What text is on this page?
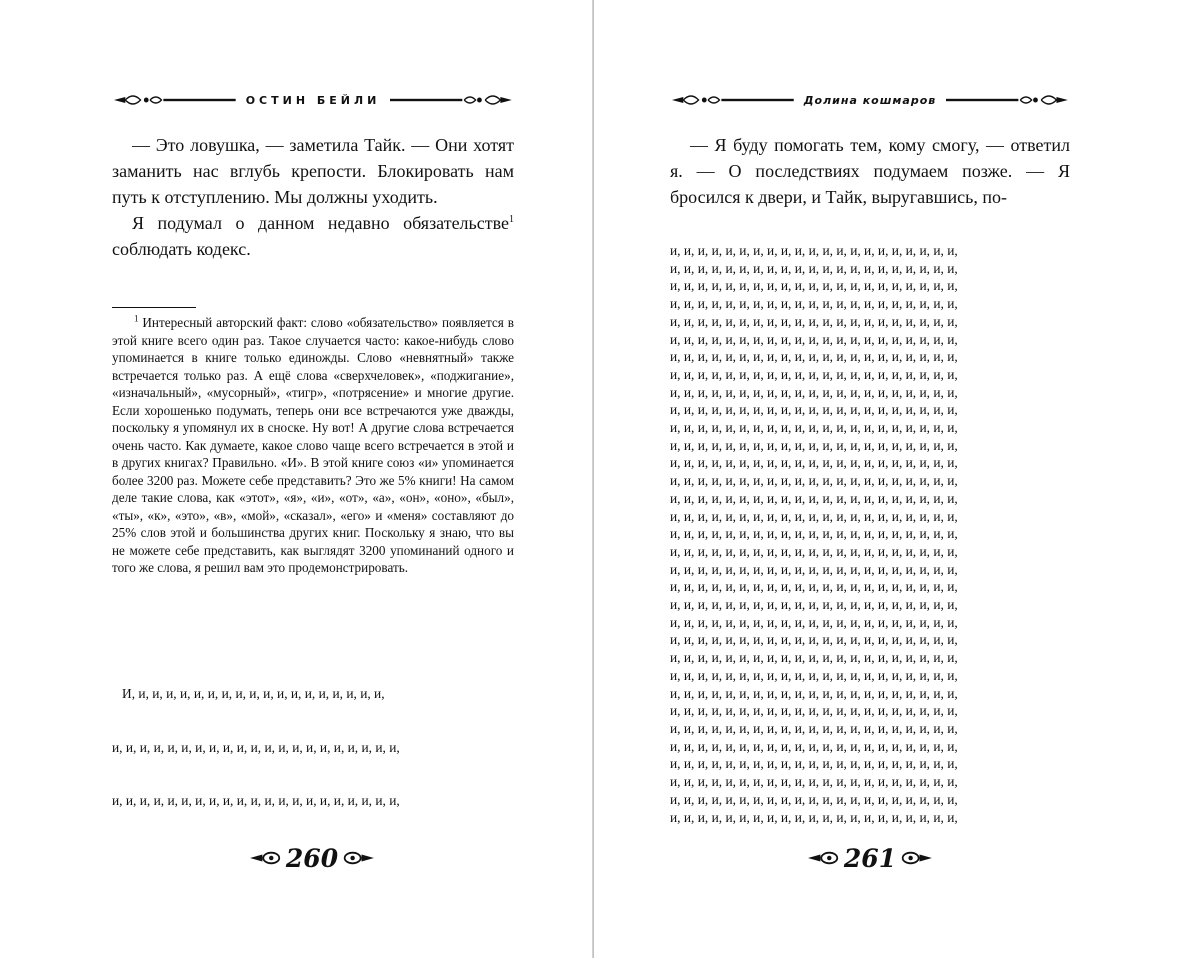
ОСТИН БЕЙЛИ

— Это ловушка, — заметила Тайк. — Они хотят заманить нас вглубь крепости. Блокировать нам путь к отступлению. Мы должны уходить.

Я подумал о данном недавно обязательстве$^1$ соблюдать кодекс.

$^1$ Интересный авторский факт: слово «обязательство» появляется в этой книге всего один раз. Такое случается часто: какое-нибудь слово упоминается в книге только единожды. Слово «невнятный» также встречается только раз. А ещё слова «сверхчеловек», «поджигание», «изначальный», «мусорный», «тигр», «потрясение» и многие другие. Если хорошенько подумать, теперь они все встречаются уже дважды, поскольку я упомянул их в сноске. Ну вот! А другие слова встречается очень часто. Как думаете, какое слово чаще всего встречается в этой и в других книгах? Правильно. «И». В этой книге союз «и» упоминается более 3200 раз. Можете себе представить? Это же 5% книги! На самом деле такие слова, как «этот», «я», «и», «от», «а», «он», «оно», «был», «ты», «к», «это», «в», «мой», «сказал», «его» и «меня» составляют до 25% слов этой и большинства других книг. Поскольку я знаю, что вы не можете себе представить, как выглядят 3200 упоминаний одного и того же слова, я решил вам это продемонстрировать.

И, и, и, и, и, и, и, и, и, и, и, и, и, и, и, и, и, и, и,

и, и, и, и, и, и, и, и, и, и, и, и, и, и, и, и, и, и, и, и, и,

и, и, и, и, и, и, и, и, и, и, и, и, и, и, и, и, и, и, и, и, и,

260
Долина кошмаров

— Я буду помогать тем, кому смогу, — ответил я. — О последствиях подумаем позже. — Я бросился к двери, и Тайк, выругавшись, по-

и, и, и, и, и, и, и, и, и, и, и, и, и, и, и, и, и, и, и, и, и,
и, и, и, и, и, и, и, и, и, и, и, и, и, и, и, и, и, и, и, и, и,
и, и, и, и, и, и, и, и, и, и, и, и, и, и, и, и, и, и, и, и, и,
и, и, и, и, и, и, и, и, и, и, и, и, и, и, и, и, и, и, и, и, и,
и, и, и, и, и, и, и, и, и, и, и, и, и, и, и, и, и, и, и, и, и,
и, и, и, и, и, и, и, и, и, и, и, и, и, и, и, и, и, и, и, и, и,
и, и, и, и, и, и, и, и, и, и, и, и, и, и, и, и, и, и, и, и, и,
и, и, и, и, и, и, и, и, и, и, и, и, и, и, и, и, и, и, и, и, и,
и, и, и, и, и, и, и, и, и, и, и, и, и, и, и, и, и, и, и, и, и,
и, и, и, и, и, и, и, и, и, и, и, и, и, и, и, и, и, и, и, и, и,
и, и, и, и, и, и, и, и, и, и, и, и, и, и, и, и, и, и, и, и, и,
и, и, и, и, и, и, и, и, и, и, и, и, и, и, и, и, и, и, и, и, и,
и, и, и, и, и, и, и, и, и, и, и, и, и, и, и, и, и, и, и, и, и,
и, и, и, и, и, и, и, и, и, и, и, и, и, и, и, и, и, и, и, и, и,
и, и, и, и, и, и, и, и, и, и, и, и, и, и, и, и, и, и, и, и, и,
и, и, и, и, и, и, и, и, и, и, и, и, и, и, и, и, и, и, и, и, и,
и, и, и, и, и, и, и, и, и, и, и, и, и, и, и, и, и, и, и, и, и,
и, и, и, и, и, и, и, и, и, и, и, и, и, и, и, и, и, и, и, и, и,
и, и, и, и, и, и, и, и, и, и, и, и, и, и, и, и, и, и, и, и, и,
и, и, и, и, и, и, и, и, и, и, и, и, и, и, и, и, и, и, и, и, и,
и, и, и, и, и, и, и, и, и, и, и, и, и, и, и, и, и, и, и, и, и,
и, и, и, и, и, и, и, и, и, и, и, и, и, и, и, и, и, и, и, и, и,
и, и, и, и, и, и, и, и, и, и, и, и, и, и, и, и, и, и, и, и, и,
и, и, и, и, и, и, и, и, и, и, и, и, и, и, и, и, и, и, и, и, и,
и, и, и, и, и, и, и, и, и, и, и, и, и, и, и, и, и, и, и, и, и,
и, и, и, и, и, и, и, и, и, и, и, и, и, и, и, и, и, и, и, и, и,
и, и, и, и, и, и, и, и, и, и, и, и, и, и, и, и, и, и, и, и, и,
и, и, и, и, и, и, и, и, и, и, и, и, и, и, и, и, и, и, и, и, и,
и, и, и, и, и, и, и, и, и, и, и, и, и, и, и, и, и, и, и, и, и,
и, и, и, и, и, и, и, и, и, и, и, и, и, и, и, и, и, и, и, и, и,
и, и, и, и, и, и, и, и, и, и, и, и, и, и, и, и, и, и, и, и, и,
и, и, и, и, и, и, и, и, и, и, и, и, и, и, и, и, и, и, и, и, и,
и, и, и, и, и, и, и, и, и, и, и, и, и, и, и, и, и, и, и, и, и,
261
